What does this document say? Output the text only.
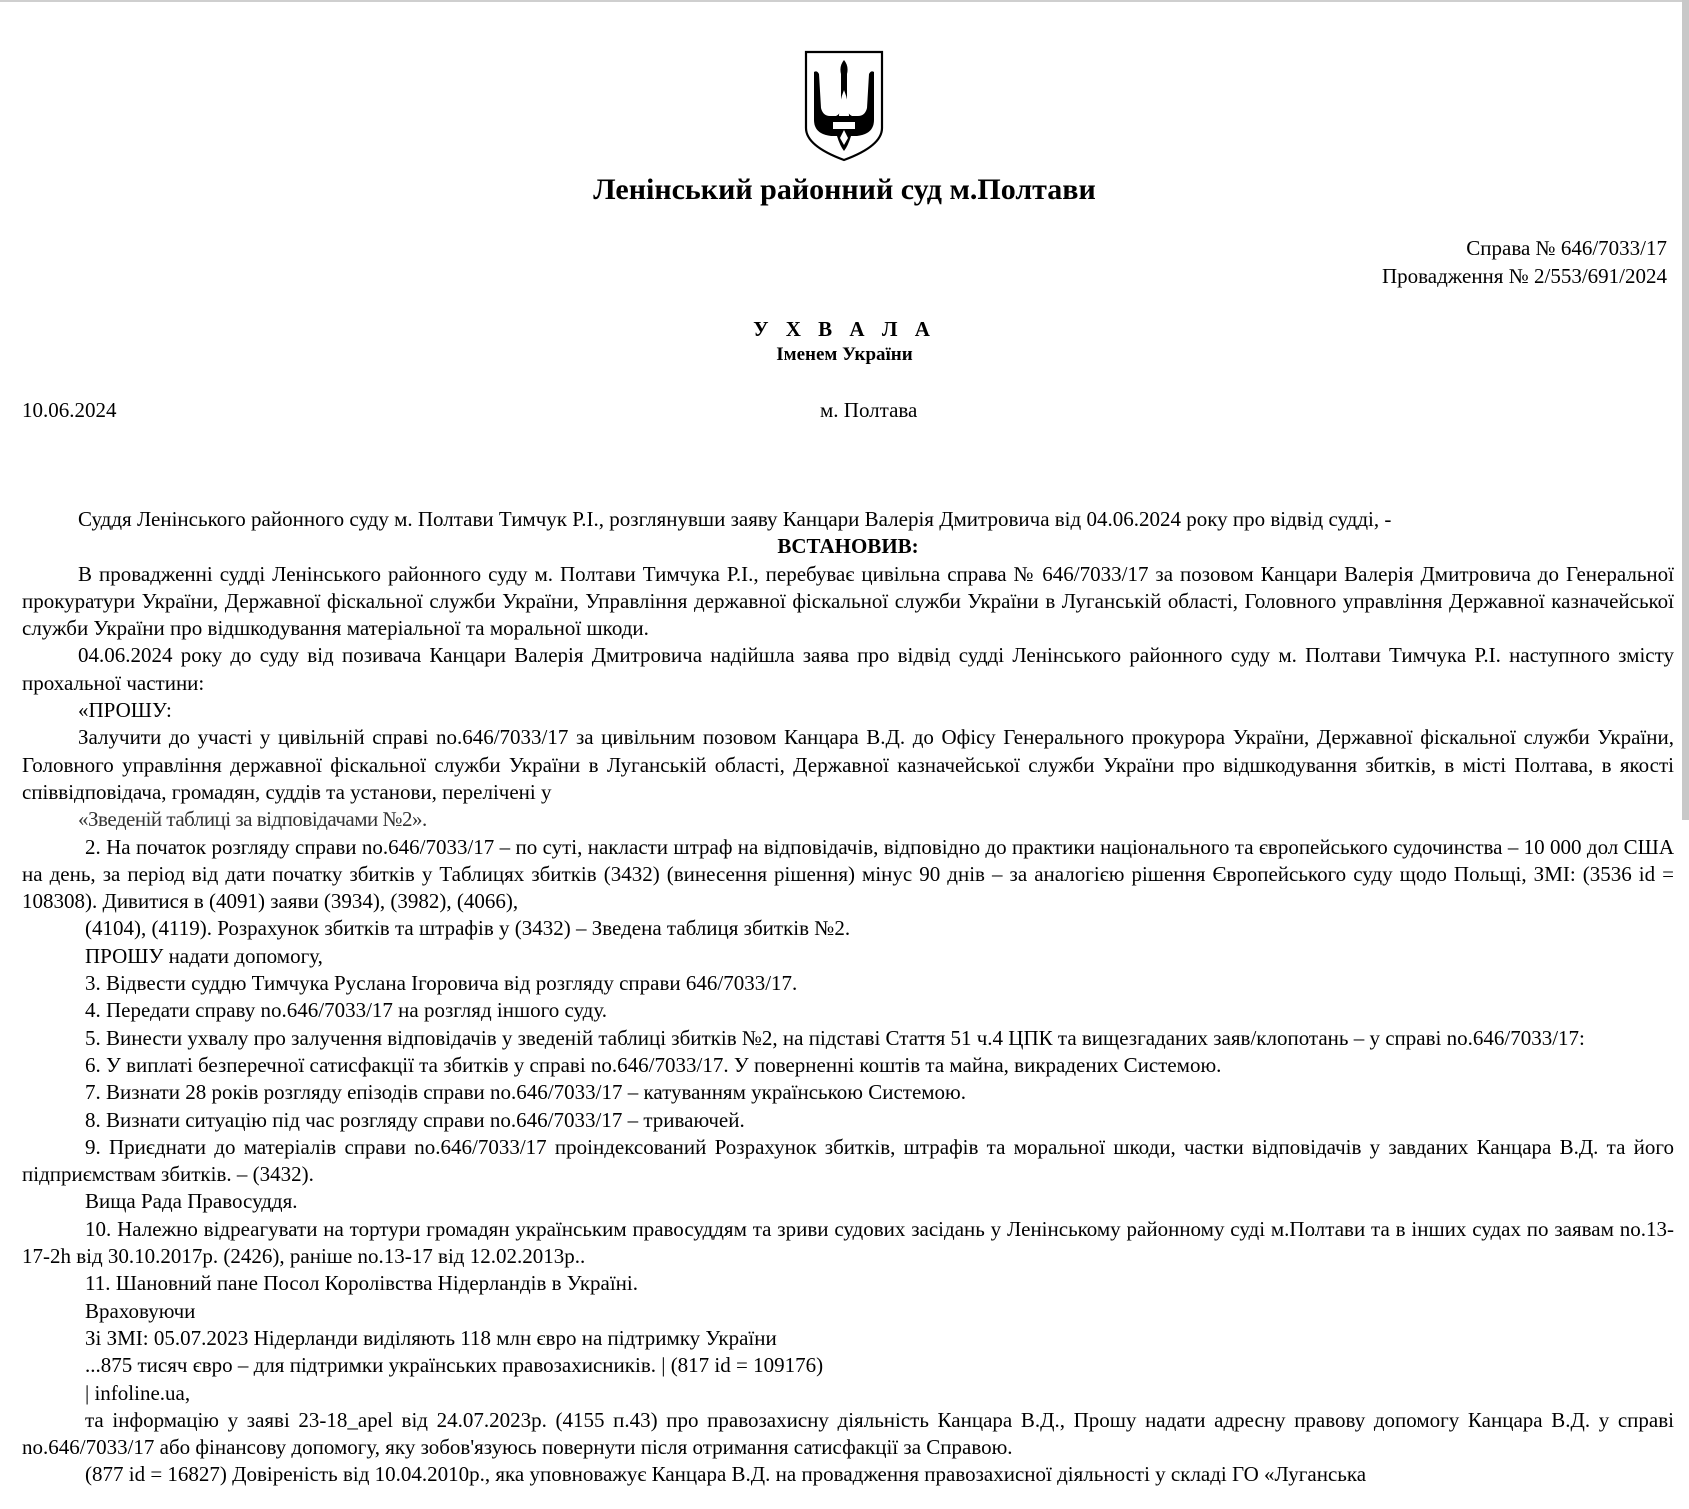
Ленінський районний суд м.Полтави
Справа № 646/7033/17
Провадження № 2/553/691/2024
У Х В А Л А
Іменем України
10.06.2024	м. Полтава

Суддя Ленінського районного суду м. Полтави Тимчук Р.І., розглянувши заяву Канцари Валерія Дмитровича від 04.06.2024 року про відвід судді, -

ВСТАНОВИВ:

В провадженні судді Ленінського районного суду м. Полтави Тимчука Р.І., перебуває цивільна справа № 646/7033/17 за позовом Канцари Валерія Дмитровича до Генеральної прокуратури України, Державної фіскальної служби України, Управління державної фіскальної служби України в Луганській області, Головного управління Державної казначейської служби України про відшкодування матеріальної та моральної шкоди.

04.06.2024 року до суду від позивача Канцари Валерія Дмитровича надійшла заява про відвід судді Ленінського районного суду м. Полтави Тимчука Р.І. наступного змісту прохальної частини:

«ПРОШУ:

Залучити до участі у цивільній справі no.646/7033/17 за цивільним позовом Канцара В.Д. до Офісу Генерального прокурора України, Державної фіскальної служби України, Головного управління державної фіскальної служби України в Луганській області, Державної казначейської служби України про відшкодування збитків, в місті Полтава, в якості співвідповідача, громадян, суддів та установи, перелічені у

«Зведеній таблиці за відповідачами №2».

2. На початок розгляду справи no.646/7033/17 – по суті, накласти штраф на відповідачів, відповідно до практики національного та європейського судочинства – 10 000 дол США на день, за період від дати початку збитків у Таблицях збитків (3432) (винесення рішення) мінус 90 днів – за аналогією рішення Європейського суду щодо Польщі, ЗМІ: (3536 id = 108308). Дивитися в (4091) заяви (3934), (3982), (4066),

(4104), (4119). Розрахунок збитків та штрафів у (3432) – Зведена таблиця збитків №2.

ПРОШУ надати допомогу,

3. Відвести суддю Тимчука Руслана Ігоровича від розгляду справи 646/7033/17.

4. Передати справу no.646/7033/17 на розгляд іншого суду.

5. Винести ухвалу про залучення відповідачів у зведеній таблиці збитків №2, на підставі Стаття 51 ч.4 ЦПК та вищезгаданих заяв/клопотань – у справі no.646/7033/17:

6. У виплаті безперечної сатисфакції та збитків у справі no.646/7033/17. У поверненні коштів та майна, викрадених Системою.

7. Визнати 28 років розгляду епізодів справи no.646/7033/17 – катуванням українською Системою.

8. Визнати ситуацію під час розгляду справи no.646/7033/17 – триваючей.

9. Приєднати до матеріалів справи no.646/7033/17 проіндексований Розрахунок збитків, штрафів та моральної шкоди, частки відповідачів у завданих Канцара В.Д. та його підприємствам збитків. – (3432).

Вища Рада Правосуддя.

10. Належно відреагувати на тортури громадян українським правосуддям та зриви судових засідань у Ленінському районному суді м.Полтави та в інших судах по заявам no.13-17-2h від 30.10.2017р. (2426), раніше no.13-17 від 12.02.2013р..

11. Шановний пане Посол Королівства Нідерландів в Україні.

Враховуючи

Зі ЗМІ: 05.07.2023 Нідерланди виділяють 118 млн євро на підтримку України

...875 тисяч євро – для підтримки українських правозахисників. | (817 id = 109176)

| infoline.ua,

та інформацію у заяві 23-18_apel від 24.07.2023р. (4155 п.43) про правозахисну діяльність Канцара В.Д., Прошу надати адресну правову допомогу Канцара В.Д. у справі no.646/7033/17 або фінансову допомогу, яку зобов'язуюсь повернути після отримання сатисфакції за Справою.

(877 id = 16827) Довіреність від 10.04.2010р., яка уповноважує Канцара В.Д. на провадження правозахисної діяльності у складі ГО «Луганська
